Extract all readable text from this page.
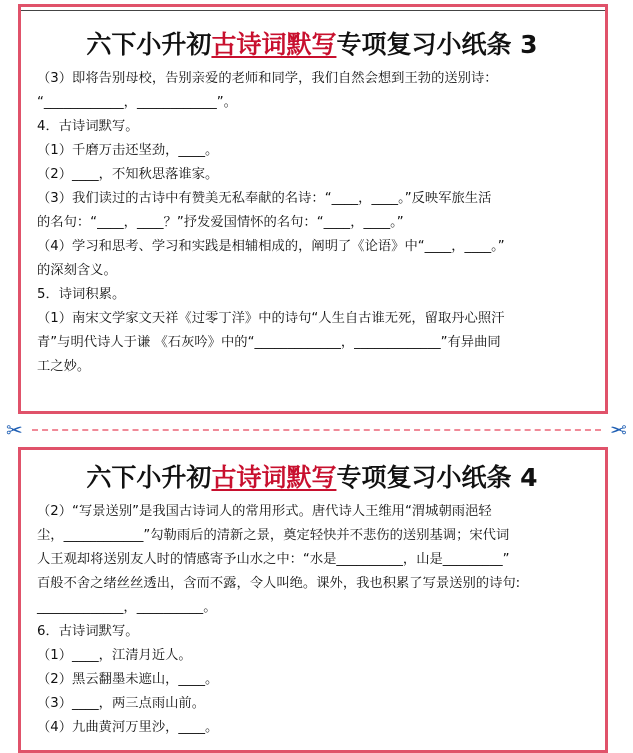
六下小升初古诗词默写专项复习小纸条 3

（3）即将告别母校，告别亲爱的老师和同学，我们自然会想到王勃的送别诗：

“____________，____________”。

4．古诗词默写。

（1）千磨万击还坚劲，____。

（2）____，不知秋思落谁家。

（3）我们读过的古诗中有赞美无私奉献的名诗：“____，____。”反映军旅生活

的名句：“____，____？”抒发爱国情怀的名句：“____，____。”

（4）学习和思考、学习和实践是相辅相成的，阐明了《论语》中“____，____。”

的深刻含义。

5．诗词积累。

（1）南宋文学家文天祥《过零丁洋》中的诗句“人生自古谁无死，留取丹心照汗

青”与明代诗人于谦 《石灰吟》中的“_____________，_____________”有异曲同

工之妙。

✂	✂
六下小升初古诗词默写专项复习小纸条 4

（2）“写景送别”是我国古诗词人的常用形式。唐代诗人王维用“渭城朝雨浥轻

尘，____________”勾勒雨后的清新之景，奠定轻快并不悲伤的送别基调；宋代词

人王观却将送别友人时的情感寄予山水之中：“水是__________，山是_________”

百般不舍之绪丝丝透出，含而不露，令人叫绝。课外，我也积累了写景送别的诗句:

_____________，__________。

6．古诗词默写。

（1）____，江清月近人。

（2）黑云翻墨未遮山，____。

（3）____，两三点雨山前。

（4）九曲黄河万里沙，____。
